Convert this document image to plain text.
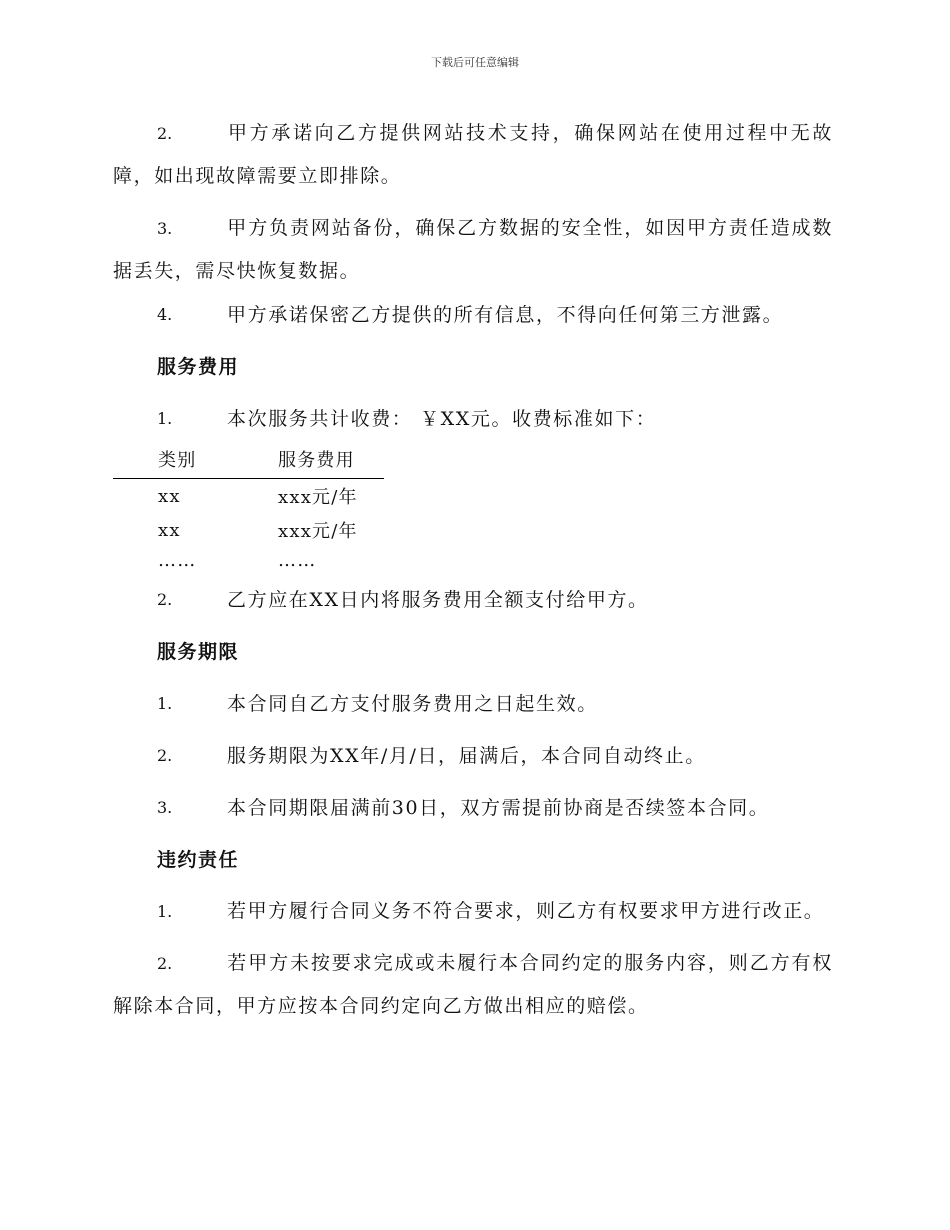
下载后可任意编辑

2.	甲方承诺向乙方提供网站技术支持，确保网站在使用过程中无故障，如出现故障需要立即排除。

3.	甲方负责网站备份，确保乙方数据的安全性，如因甲方责任造成数据丢失，需尽快恢复数据。

4.	甲方承诺保密乙方提供的所有信息，不得向任何第三方泄露。
服务费用
1.	本次服务共计收费： ￥XX元。收费标准如下：
类别	服务费用
xx	xxx元/年
xx	xxx元/年
……	……
2.	乙方应在XX日内将服务费用全额支付给甲方。
服务期限
1.	本合同自乙方支付服务费用之日起生效。
2.	服务期限为XX年/月/日，届满后，本合同自动终止。
3.	本合同期限届满前30日，双方需提前协商是否续签本合同。
违约责任

1.	若甲方履行合同义务不符合要求，则乙方有权要求甲方进行改正。

2.	若甲方未按要求完成或未履行本合同约定的服务内容，则乙方有权解除本合同，甲方应按本合同约定向乙方做出相应的赔偿。
